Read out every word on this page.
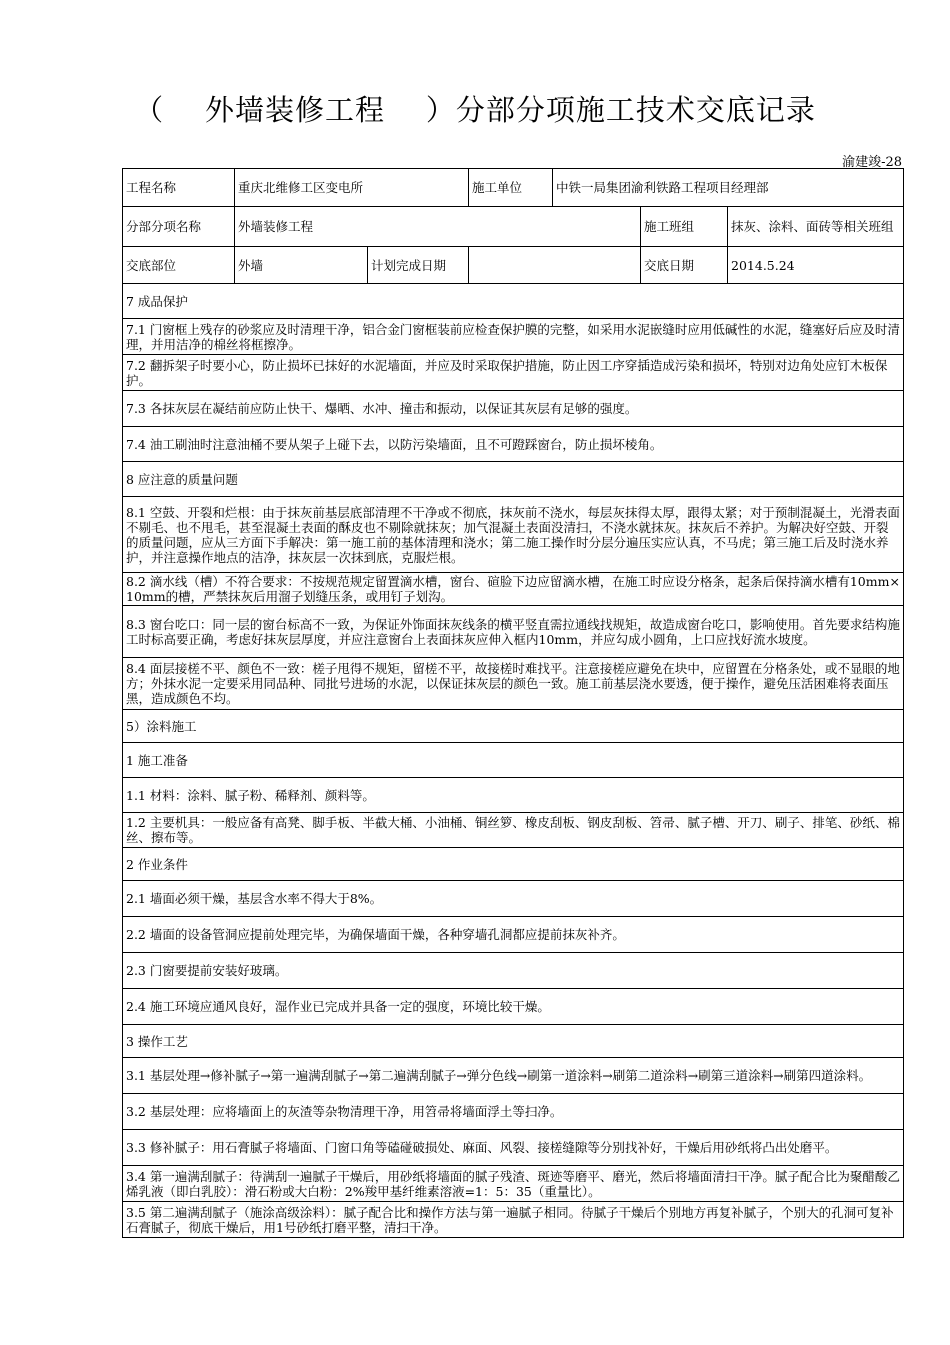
（    外墙装修工程    ）分部分项施工技术交底记录
渝建竣-28
工程名称	重庆北维修工区变电所		施工单位	中铁一局集团渝利铁路工程项目经理部		
分部分项名称	外墙装修工程				施工班组	抹灰、涂料、面砖等相关班组
交底部位	外墙	计划完成日期			交底日期	2014.5.24
7 成品保护						
7.1 门窗框上残存的砂浆应及时清理干净，铝合金门窗框装前应检查保护膜的完整，如采用水泥嵌缝时应用低碱性的水泥，缝塞好后应及时清理，并用洁净的棉丝将框擦净。						
7.2 翻拆架子时要小心，防止损坏已抹好的水泥墙面，并应及时采取保护措施，防止因工序穿插造成污染和损坏，特别对边角处应钉木板保护。						
7.3 各抹灰层在凝结前应防止快干、爆晒、水冲、撞击和振动，以保证其灰层有足够的强度。						
7.4 油工刷油时注意油桶不要从架子上碰下去，以防污染墙面，且不可蹬踩窗台，防止损坏棱角。						
8 应注意的质量问题						
8.1 空鼓、开裂和烂根：由于抹灰前基层底部清理不干净或不彻底，抹灰前不浇水，每层灰抹得太厚，跟得太紧；对于预制混凝土，光滑表面不剔毛、也不甩毛，甚至混凝土表面的酥皮也不剔除就抹灰；加气混凝土表面没清扫，不浇水就抹灰。抹灰后不养护。为解决好空鼓、开裂的质量问题，应从三方面下手解决：第一施工前的基体清理和浇水；第二施工操作时分层分遍压实应认真，不马虎；第三施工后及时浇水养护，并注意操作地点的洁净，抹灰层一次抹到底，克服烂根。						
8.2 滴水线（槽）不符合要求：不按规范规定留置滴水槽，窗台、碹脸下边应留滴水槽，在施工时应设分格条，起条后保持滴水槽有10mm×10mm的槽，严禁抹灰后用溜子划缝压条，或用钉子划沟。						
8.3 窗台吃口：同一层的窗台标高不一致，为保证外饰面抹灰线条的横平竖直需拉通线找规矩，故造成窗台吃口，影响使用。首先要求结构施工时标高要正确，考虑好抹灰层厚度，并应注意窗台上表面抹灰应伸入框内10mm，并应勾成小圆角，上口应找好流水坡度。						
8.4 面层接槎不平、颜色不一致：槎子甩得不规矩，留槎不平，故接槎时难找平。注意接槎应避免在块中，应留置在分格条处，或不显眼的地方；外抹水泥一定要采用同品种、同批号进场的水泥，以保证抹灰层的颜色一致。施工前基层浇水要透，便于操作，避免压活困难将表面压黑，造成颜色不均。						
5）涂料施工						
1 施工准备						
1.1 材料：涂料、腻子粉、稀释剂、颜料等。						
1.2 主要机具：一般应备有高凳、脚手板、半截大桶、小油桶、铜丝箩、橡皮刮板、钢皮刮板、笤帚、腻子槽、开刀、刷子、排笔、砂纸、棉丝、擦布等。						
2 作业条件						
2.1 墙面必须干燥，基层含水率不得大于8%。						
2.2 墙面的设备管洞应提前处理完毕，为确保墙面干燥，各种穿墙孔洞都应提前抹灰补齐。						
2.3 门窗要提前安装好玻璃。						
2.4 施工环境应通风良好，湿作业已完成并具备一定的强度，环境比较干燥。						
3 操作工艺						
3.1 基层处理→修补腻子→第一遍满刮腻子→第二遍满刮腻子→弹分色线→刷第一道涂料→刷第二道涂料→刷第三道涂料→刷第四道涂料。						
3.2 基层处理：应将墙面上的灰渣等杂物清理干净，用笤帚将墙面浮土等扫净。						
3.3 修补腻子：用石膏腻子将墙面、门窗口角等磕碰破损处、麻面、风裂、接槎缝隙等分别找补好，干燥后用砂纸将凸出处磨平。						
3.4 第一遍满刮腻子：待满刮一遍腻子干燥后，用砂纸将墙面的腻子残渣、斑迹等磨平、磨光，然后将墙面清扫干净。腻子配合比为聚醋酸乙烯乳液（即白乳胶）：滑石粉或大白粉：2%羧甲基纤维素溶液=1：5：35（重量比）。						
3.5 第二遍满刮腻子（施涂高级涂料）：腻子配合比和操作方法与第一遍腻子相同。待腻子干燥后个别地方再复补腻子，个别大的孔洞可复补石膏腻子，彻底干燥后，用1号砂纸打磨平整，清扫干净。						
